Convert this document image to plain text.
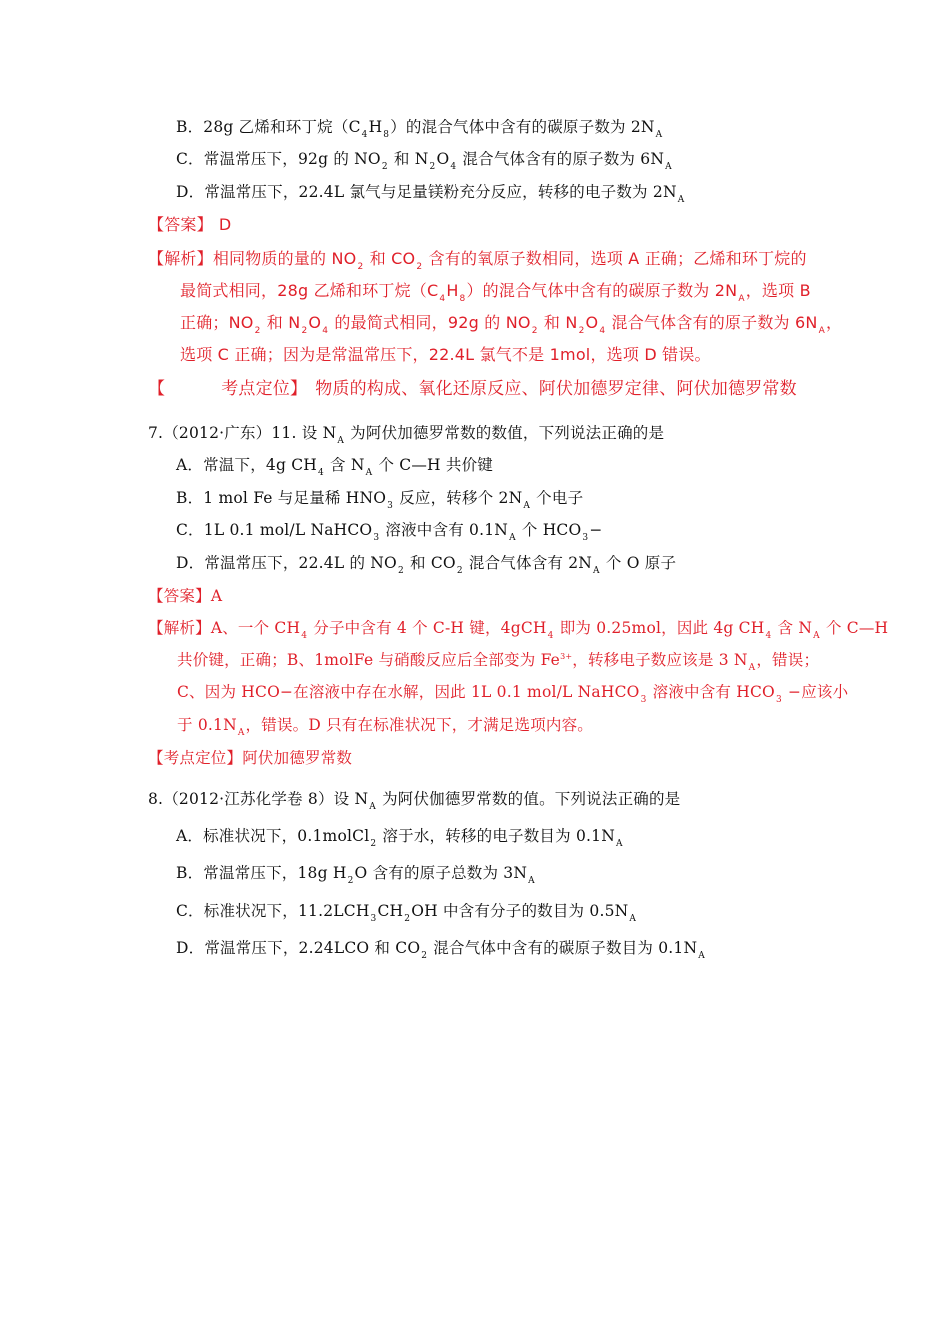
B．28g 乙烯和环丁烷$(C_4H_8)$的混合气体中含有的碳原子数为 $2N_A$
C．常温常压下，92g 的 $NO_2$ 和 $N_2O_4$ 混合气体含有的原子数为 $6N_A$
D．常温常压下，22.4L 氯气与足量镁粉充分反应，转移的电子数为 $2N_A$
【答案】 D
【解析】相同物质的量的 $NO_2$ 和 $CO_2$ 含有的氧原子数相同，选项 A 正确；乙烯和环丁烷的
最简式相同，28g 乙烯和环丁烷$(C_4H_8)$的混合气体中含有的碳原子数为 $2N_A$，选项 B
正确；$NO_2$ 和 $N_2O_4$ 的最简式相同，92g 的 $NO_2$ 和 $N_2O_4$ 混合气体含有的原子数为 $6N_A$，
选项 C 正确；因为是常温常压下，22.4L 氯气不是 1mol，选项 D 错误。
【	考点定位】 物质的构成、氧化还原反应、阿伏加德罗定律、阿伏加德罗常数
7.（2012·广东）11. 设 $N_A$ 为阿伏加德罗常数的数值，下列说法正确的是
A．常温下，4g $CH_4$ 含 $N_A$ 个 C—H 共价键
B．1 mol Fe 与足量稀 $HNO_3$ 反应，转移个 $2N_A$ 个电子
C．1L 0.1 mol/L NaHCO$_3$ 溶液中含有 $0.1N_A$ 个 $HCO_3-$
D．常温常压下，22.4L 的 $NO_2$ 和 $CO_2$ 混合气体含有 $2N_A$ 个 O 原子
【答案】A
【解析】A、一个 $CH_4$ 分子中含有 4 个 C-H 键，4gCH$_4$ 即为 0.25mol，因此 4g $CH_4$ 含 $N_A$ 个 C—H
共价键，正确；B、1molFe 与硝酸反应后全部变为 $Fe^{3+}$，转移电子数应该是 3 $N_A$，错误；
C、因为 HCO−在溶液中存在水解，因此 1L 0.1 mol/L NaHCO$_3$ 溶液中含有 $HCO_3$ −应该小
于 $0.1N_A$，错误。D 只有在标准状况下，才满足选项内容。
【考点定位】阿伏加德罗常数
8.（2012·江苏化学卷 8）设 $N_A$ 为阿伏伽德罗常数的值。下列说法正确的是
A．标准状况下，0.1molCl$_2$ 溶于水，转移的电子数目为 $0.1N_A$
B．常温常压下，18g $H_2O$ 含有的原子总数为 $3N_A$
C．标准状况下，$11.2LCH_3CH_2OH$ 中含有分子的数目为 $0.5N_A$
D．常温常压下，2.24LCO 和 $CO_2$ 混合气体中含有的碳原子数目为 $0.1N_A$
